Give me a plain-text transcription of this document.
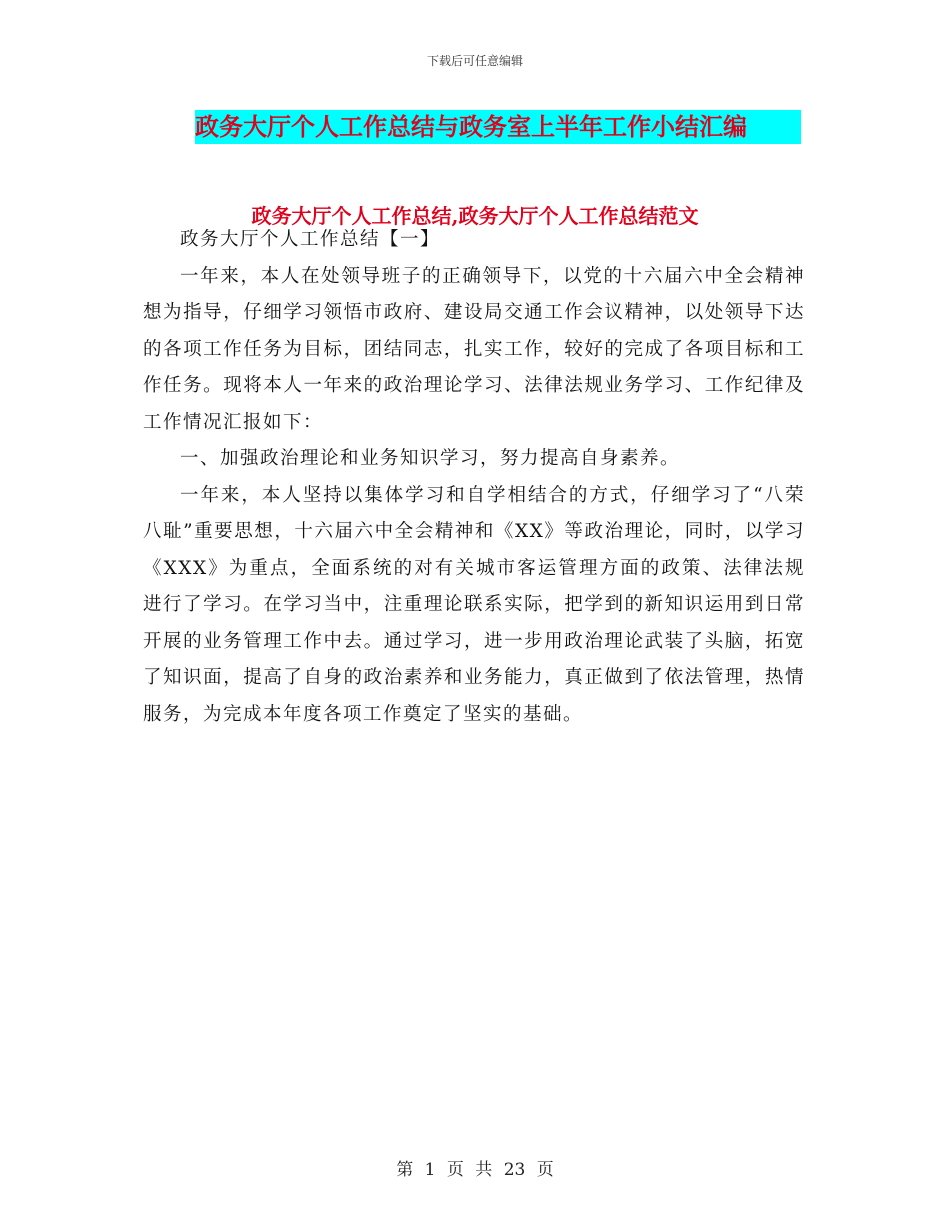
下载后可任意编辑
政务大厅个人工作总结与政务室上半年工作小结汇编
政务大厅个人工作总结,政务大厅个人工作总结范文

政务大厅个人工作总结【一】

一年来，本人在处领导班子的正确领导下，以党的十六届六中全会精神想为指导，仔细学习领悟市政府、建设局交通工作会议精神，以处领导下达的各项工作任务为目标，团结同志，扎实工作，较好的完成了各项目标和工作任务。现将本人一年来的政治理论学习、法律法规业务学习、工作纪律及工作情况汇报如下：

一、加强政治理论和业务知识学习，努力提高自身素养。

一年来，本人坚持以集体学习和自学相结合的方式，仔细学习了“八荣八耻”重要思想，十六届六中全会精神和《XX》等政治理论，同时，以学习《XXX》为重点，全面系统的对有关城市客运管理方面的政策、法律法规进行了学习。在学习当中，注重理论联系实际，把学到的新知识运用到日常开展的业务管理工作中去。通过学习，进一步用政治理论武装了头脑，拓宽了知识面，提高了自身的政治素养和业务能力，真正做到了依法管理，热情服务，为完成本年度各项工作奠定了坚实的基础。

第 1 页 共 23 页
